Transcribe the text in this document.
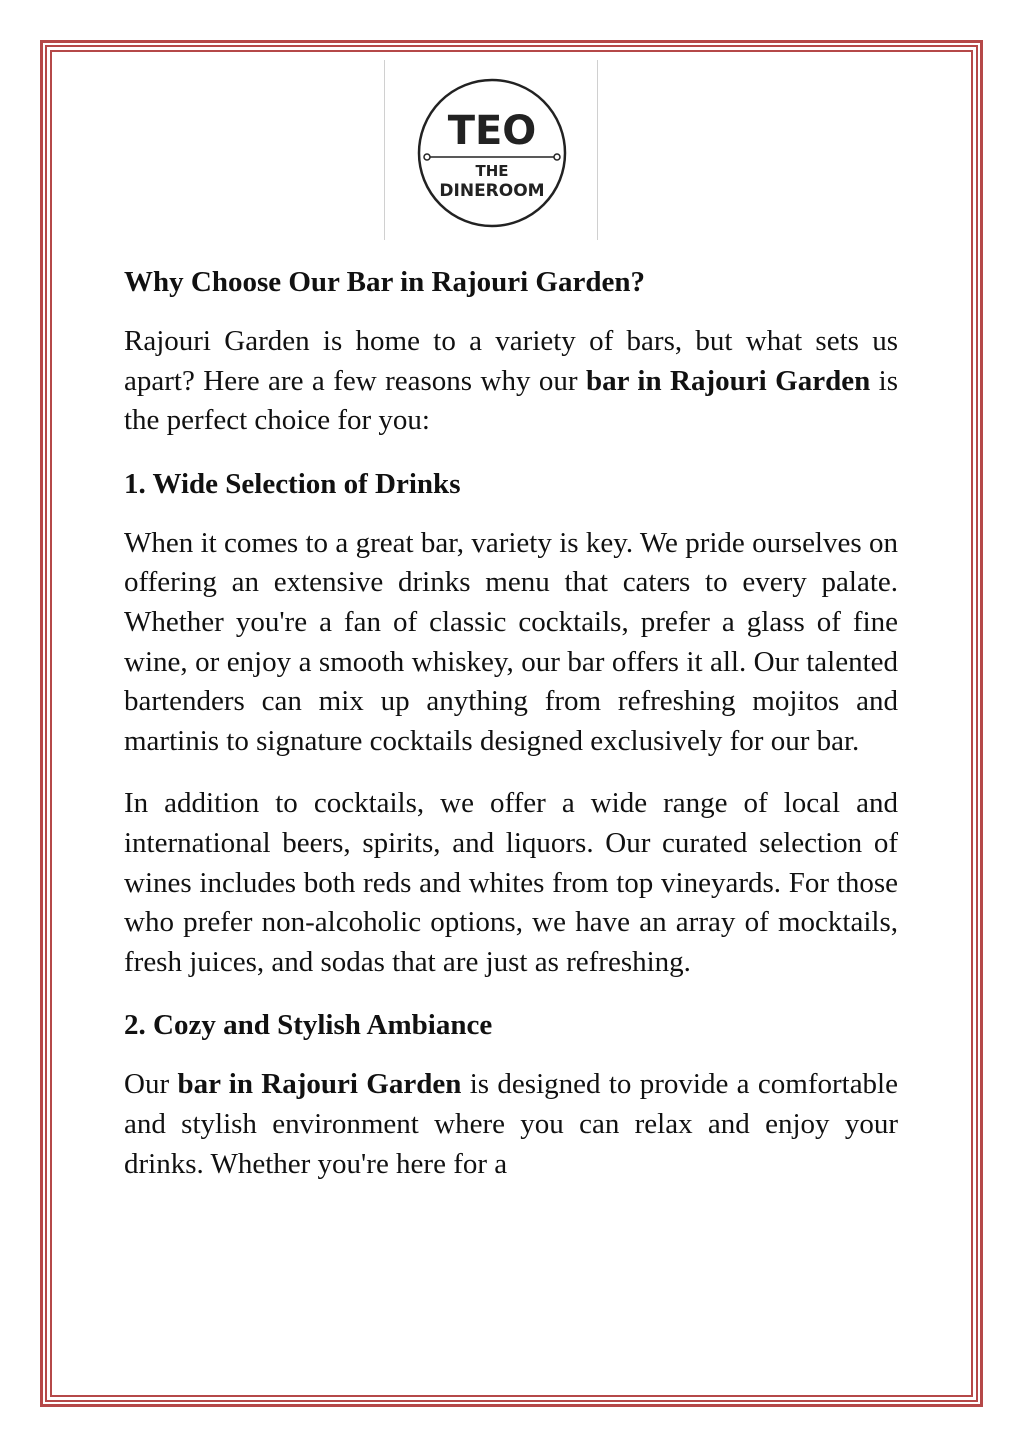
TEO
THE
DINEROOM
Why Choose Our Bar in Rajouri Garden?

Rajouri Garden is home to a variety of bars, but what sets us apart? Here are a few reasons why our bar in Rajouri Garden is the perfect choice for you:

1. Wide Selection of Drinks

When it comes to a great bar, variety is key. We pride ourselves on offering an extensive drinks menu that caters to every palate. Whether you're a fan of classic cocktails, prefer a glass of fine wine, or enjoy a smooth whiskey, our bar offers it all. Our talented bartenders can mix up anything from refreshing mojitos and martinis to signature cocktails designed exclusively for our bar.

In addition to cocktails, we offer a wide range of local and international beers, spirits, and liquors. Our curated selection of wines includes both reds and whites from top vineyards. For those who prefer non-alcoholic options, we have an array of mocktails, fresh juices, and sodas that are just as refreshing.

2. Cozy and Stylish Ambiance

Our bar in Rajouri Garden is designed to provide a comfortable and stylish environment where you can relax and enjoy your drinks. Whether you're here for a
